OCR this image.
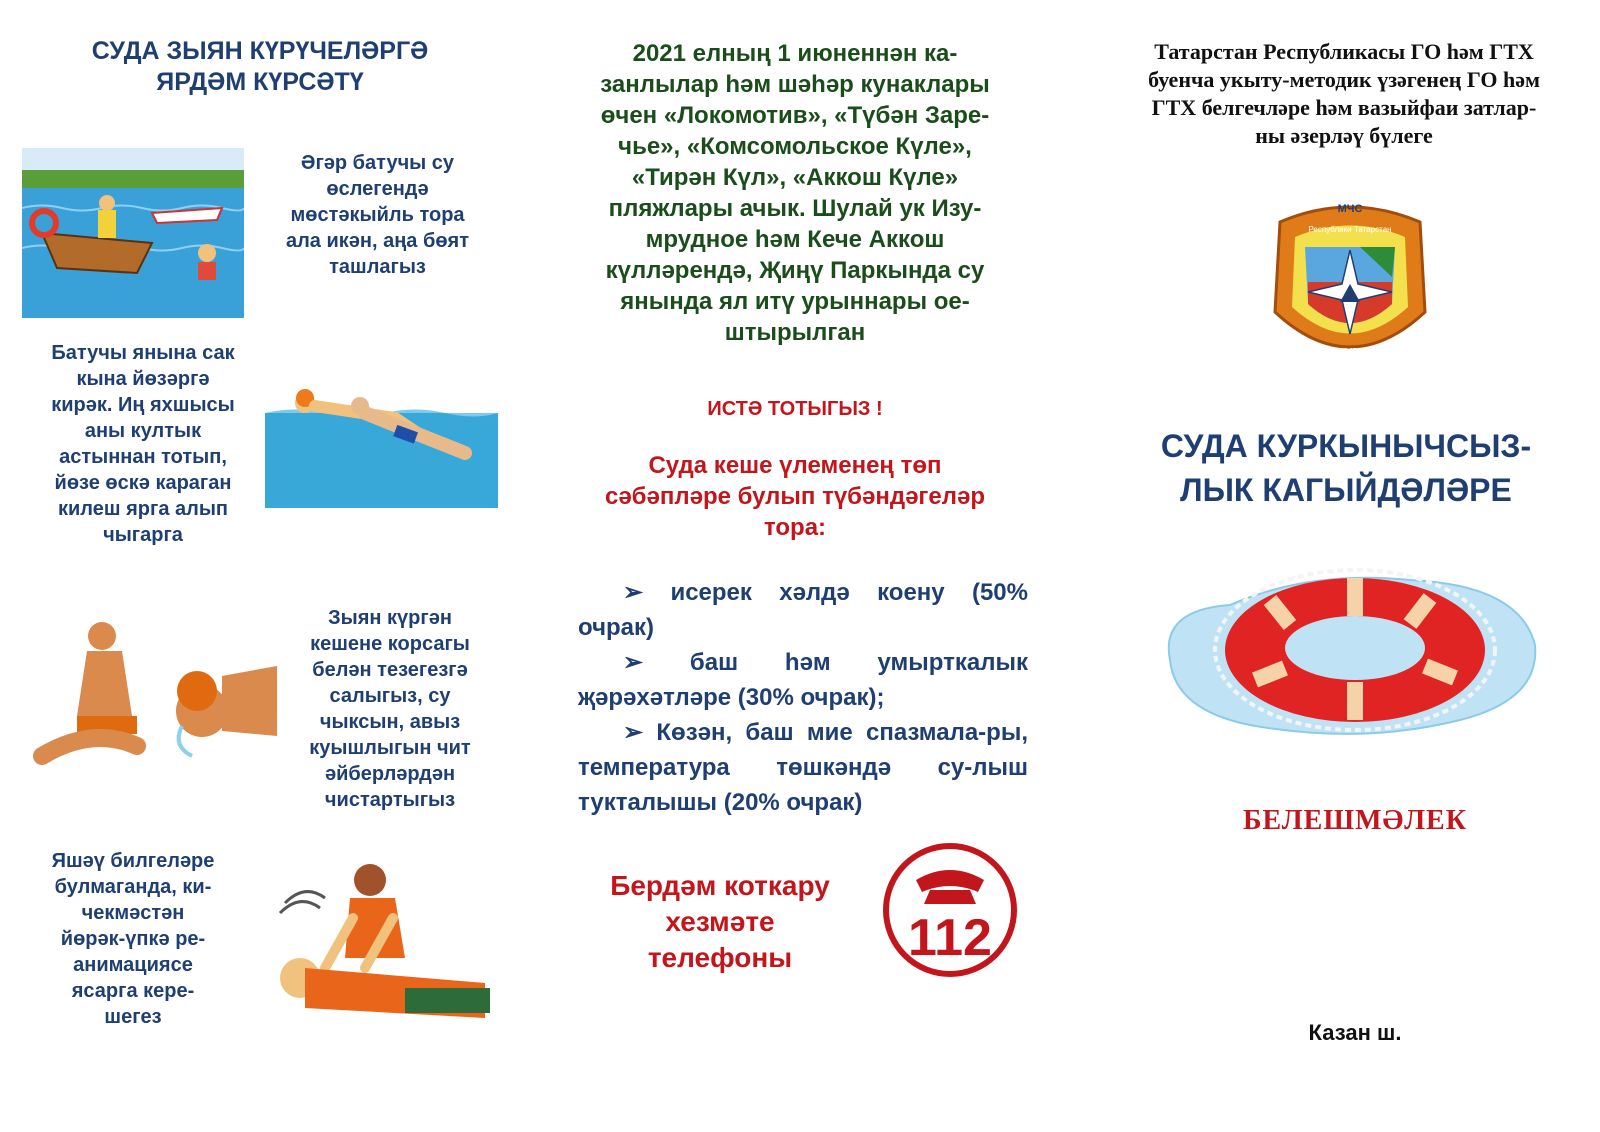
СУДА ЗЫЯН КҮРҮЧЕЛӘРГӘ
ЯРДӘМ КҮРСӘТҮ
Әгәр батучы су
өслегендә
мөстәкыйль тора
ала икән, аңа бөят
ташлагыз
Батучы янына сак
кына йөзәргә
кирәк. Иң яхшысы
аны култык
астыннан тотып,
йөзе өскә караган
килеш ярга алып
чыгарга
Зыян күргән
кешене корсагы
белән тезегезгә
салыгыз, су
чыксын, авыз
куышлыгын чит
әйберләрдән
чистартыгыз
Яшәү билгеләре
булмаганда, ки-
чекмәстән
йөрәк-үпкә ре-
анимациясе
ясарга кере-
шегез
2021 елның 1 июненнән ка-
занлылар һәм шәһәр кунаклары
өчен «Локомотив», «Түбән Заре-
чье», «Комсомольское Күле»,
«Тирән Күл», «Аккош Күле»
пляжлары ачык. Шулай ук Изу-
мрудное һәм Кече Аккош
күлләрендә, Җиңү Паркында су
янында ял итү урыннары ое-
штырылган
ИСТӘ ТОТЫГЫЗ !
Суда кеше үлеменең төп
сәбәпләре булып түбәндәгеләр
тора:

➢ исерек хәлдә коену (50% очрак)

➢ баш һәм умырткалык җәрәхәтләре (30% очрак);

➢ Көзән, баш мие спазмала-ры, температура төшкәндә су-лыш тукталышы (20% очрак)

Бердәм коткару
хезмәте
телефоны	112
Татарстан Республикасы ГО һәм ГТХ
буенча укыту-методик үзәгенең ГО һәм
ГТХ белгечләре һәм вазыйфаи затлар-
ны әзерләү бүлеге
МЧС
Республики Татарстан
предупреждение спасение помощь
СУДА КУРКЫНЫЧСЫЗ-
ЛЫК КАГЫЙДӘЛӘРЕ
БЕЛЕШМӘЛЕК
Казан ш.
